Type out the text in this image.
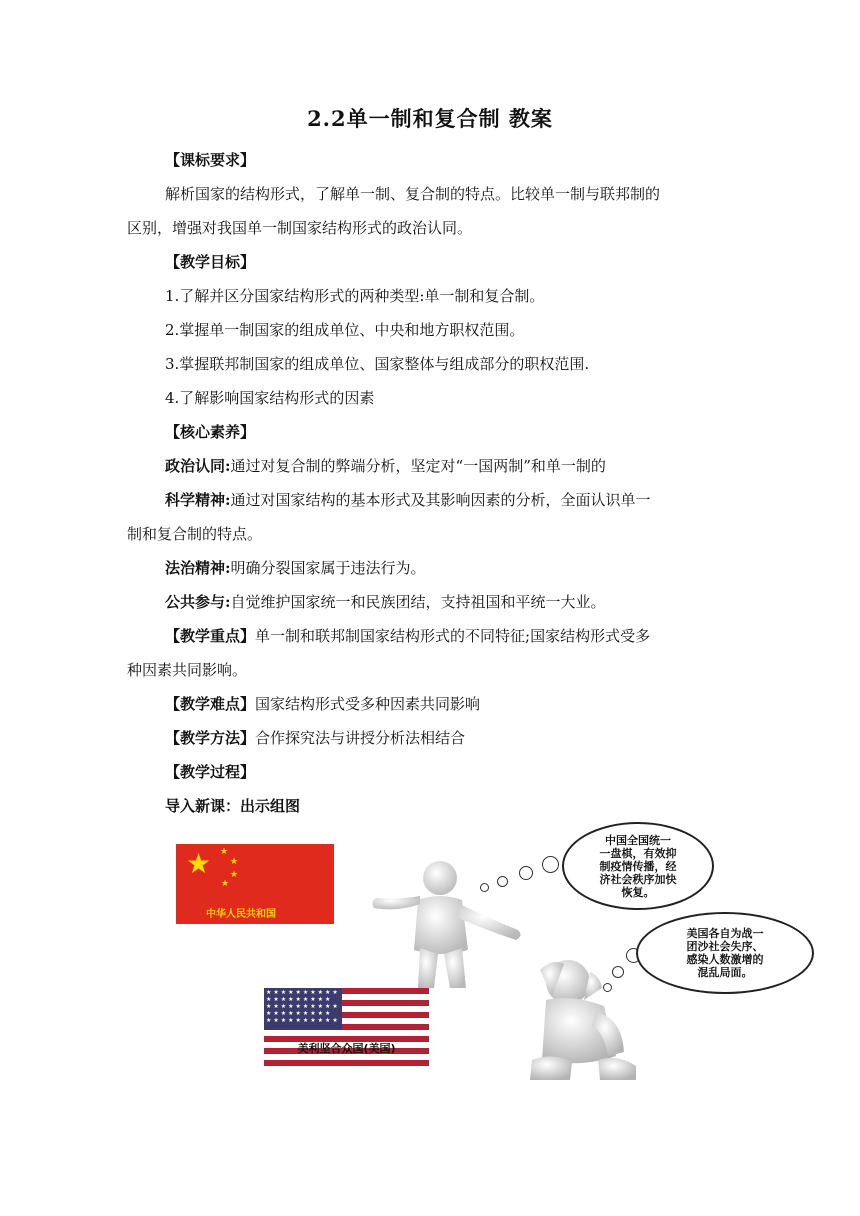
2.2单一制和复合制 教案
【课标要求】
解析国家的结构形式，了解单一制、复合制的特点。比较单一制与联邦制的
区别，增强对我国单一制国家结构形式的政治认同。
【教学目标】
1.了解并区分国家结构形式的两种类型:单一制和复合制。
2.掌握单一制国家的组成单位、中央和地方职权范围。
3.掌握联邦制国家的组成单位、国家整体与组成部分的职权范围.
4.了解影响国家结构形式的因素
【核心素养】
政治认同:通过对复合制的弊端分析，坚定对“一国两制”和单一制的
科学精神:通过对国家结构的基本形式及其影响因素的分析，全面认识单一
制和复合制的特点。
法治精神:明确分裂国家属于违法行为。
公共参与:自觉维护国家统一和民族团结，支持祖国和平统一大业。
【教学重点】单一制和联邦制国家结构形式的不同特征;国家结构形式受多
种因素共同影响。
【教学难点】国家结构形式受多种因素共同影响
【教学方法】合作探究法与讲授分析法相结合
【教学过程】
导入新课：出示组图
★ ★
★
★
★
中华人民共和国
★★★★★★★★★★ ★★★★★★★★★ ★★★★★★★★★★ ★★★★★★★★★ ★★★★★★★★★★
美利坚合众国(美国)
中国全国统一
一盘棋，有效抑
制疫情传播，经
济社会秩序加快
恢复。
美国各自为战一
团沙社会失序、
感染人数激增的
混乱局面。
